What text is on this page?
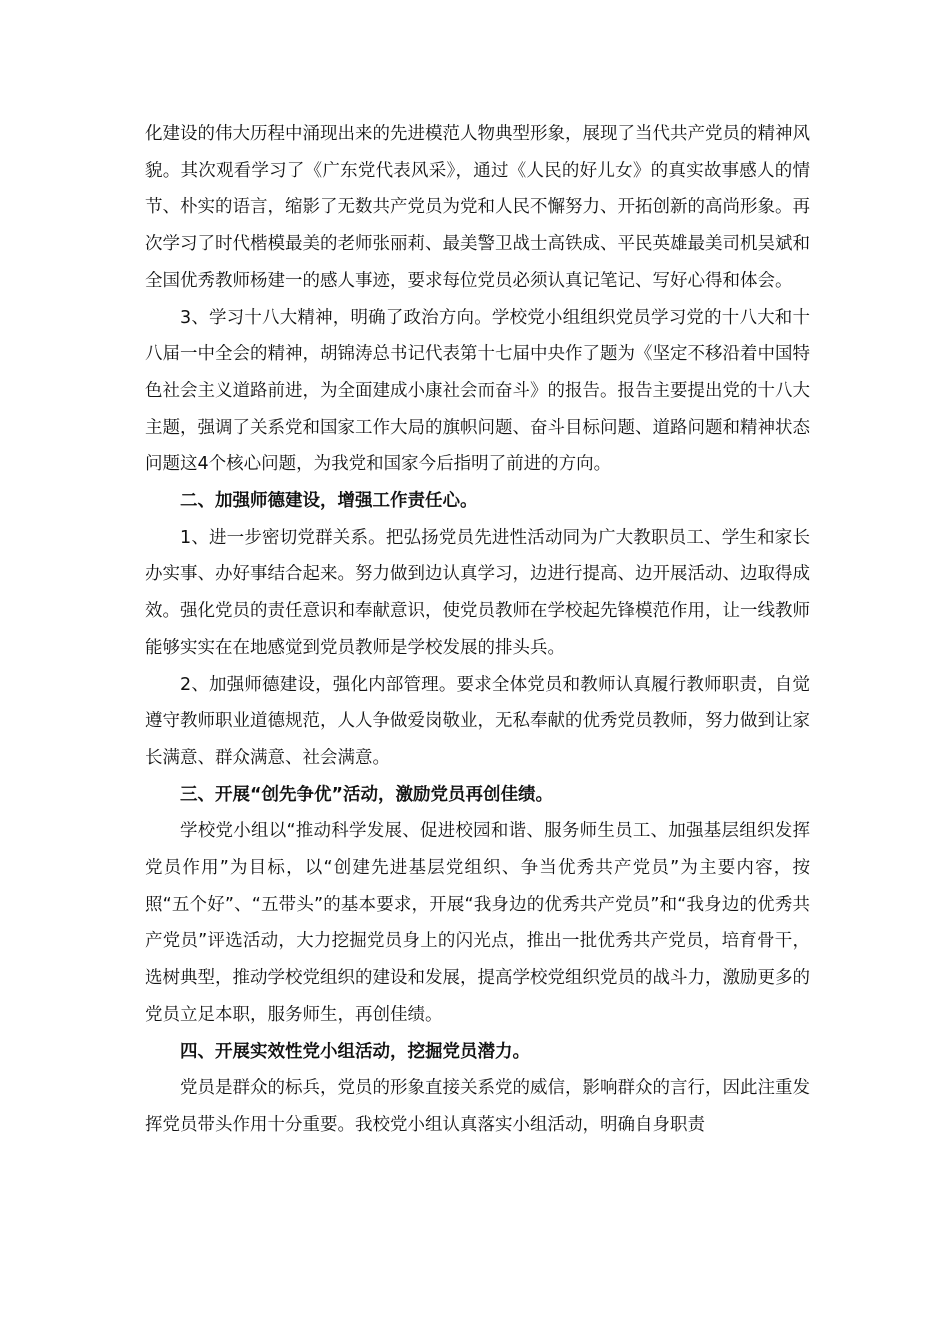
化建设的伟大历程中涌现出来的先进模范人物典型形象，展现了当代共产党员的精神风貌。其次观看学习了《广东党代表风采》，通过《人民的好儿女》的真实故事感人的情节、朴实的语言，缩影了无数共产党员为党和人民不懈努力、开拓创新的高尚形象。再次学习了时代楷模最美的老师张丽莉、最美警卫战士高铁成、平民英雄最美司机吴斌和全国优秀教师杨建一的感人事迹，要求每位党员必须认真记笔记、写好心得和体会。

3、学习十八大精神，明确了政治方向。学校党小组组织党员学习党的十八大和十八届一中全会的精神，胡锦涛总书记代表第十七届中央作了题为《坚定不移沿着中国特色社会主义道路前进，为全面建成小康社会而奋斗》的报告。报告主要提出党的十八大主题，强调了关系党和国家工作大局的旗帜问题、奋斗目标问题、道路问题和精神状态问题这4个核心问题，为我党和国家今后指明了前进的方向。

二、加强师德建设，增强工作责任心。

1、进一步密切党群关系。把弘扬党员先进性活动同为广大教职员工、学生和家长办实事、办好事结合起来。努力做到边认真学习，边进行提高、边开展活动、边取得成效。强化党员的责任意识和奉献意识，使党员教师在学校起先锋模范作用，让一线教师能够实实在在地感觉到党员教师是学校发展的排头兵。

2、加强师德建设，强化内部管理。要求全体党员和教师认真履行教师职责，自觉遵守教师职业道德规范，人人争做爱岗敬业，无私奉献的优秀党员教师，努力做到让家长满意、群众满意、社会满意。

三、开展“创先争优”活动，激励党员再创佳绩。

学校党小组以“推动科学发展、促进校园和谐、服务师生员工、加强基层组织发挥党员作用”为目标，以“创建先进基层党组织、争当优秀共产党员”为主要内容，按照“五个好”、“五带头”的基本要求，开展“我身边的优秀共产党员”和“我身边的优秀共产党员”评选活动，大力挖掘党员身上的闪光点，推出一批优秀共产党员，培育骨干，选树典型，推动学校党组织的建设和发展，提高学校党组织党员的战斗力，激励更多的党员立足本职，服务师生，再创佳绩。

四、开展实效性党小组活动，挖掘党员潜力。

党员是群众的标兵，党员的形象直接关系党的威信，影响群众的言行，因此注重发挥党员带头作用十分重要。我校党小组认真落实小组活动，明确自身职责
